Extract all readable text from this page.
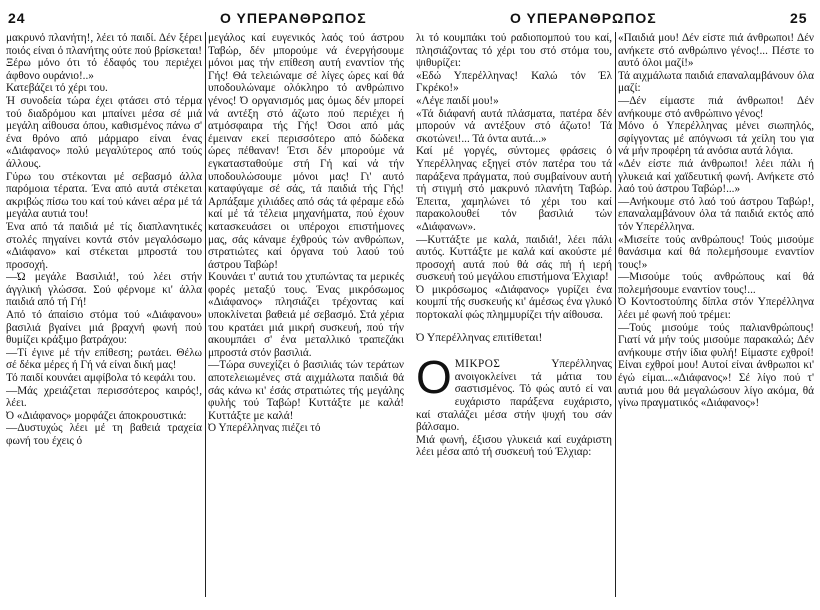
24	Ο ΥΠΕΡΑΝΘΡΩΠΟΣ	Ο ΥΠΕΡΑΝΘΡΩΠΟΣ	25

μακρυνό πλανήτη!, λέει τό παιδί. Δέν ξέρει ποιός είναι ό πλανήτης ούτε πού βρίσκεται! Ξέρω μόνο ότι τό έδαφός του περιέχει άφθονο ουράνιο!..»

Κατεβάζει τό χέρι του.

Ή συνοδεία τώρα έχει φτάσει στό τέρμα τού διαδρόμου και μπαίνει μέσα σέ μιά μεγάλη αίθουσα όπου, καθισμένος πάνω σ' ένα θρόνο από μάρμαρο είναι ένας «Διάφανος» πολύ μεγαλύτερος από τούς άλλους.

Γύρω του στέκονται μέ σεβασμό άλλα παρόμοια τέρατα. Ένα από αυτά στέκεται ακριβώς πίσω του καί τού κάνει αέρα μέ τά μεγάλα αυτιά του!

Ένα από τά παιδιά μέ τίς διαπλανητικές στολές πηγαίνει κοντά στόν μεγαλόσωμο «Διάφανο» καί στέκεται μπροστά του προσοχή.

—Ώ μεγάλε Βασιλιά!, τού λέει στήν άγγλική γλώσσα. Σού φέρνομε κι' άλλα παιδιά από τή Γή!

Από τό άπαίσιο στόμα τού «Διάφανου» βασιλιά βγαίνει μιά βραχνή φωνή πού θυμίζει κράξιμο βατράχου:

—Τί έγινε μέ τήν επίθεση; ρωτάει. Θέλω σέ δέκα μέρες ή Γή νά είναι δική μας!

Τό παιδί κουνάει αμφίβολα τό κεφάλι του.

—Μάς χρειάζεται περισσότερος καιρός!, λέει.

Ό «Διάφανος» μορφάζει άποκρουστικά:

—Δυστυχώς λέει μέ τη βαθειά τραχεία φωνή του έχεις ό

μεγάλος καί ευγενικός λαός τού άστρου Ταβώρ, δέν μπορούμε νά ένεργήσουμε μόνοι μας τήν επίθεση αυτή εναντίον τής Γής! Θά τελειώναμε σέ λίγες ώρες καί θά υποδουλώναμε ολόκληρο τό ανθρώπινο γένος! Ό οργανισμός μας όμως δέν μπορεί νά αντέξη στό άζωτο πού περιέχει ή ατμόσφαιρα τής Γής! Όσοι από μάς έμειναν εκεί περισσότερο από δώδεκα ώρες πέθαναν! Έτσι δέν μπορούμε νά εγκατασταθούμε στή Γή καί νά τήν υποδουλώσουμε μόνοι μας! Γι' αυτό καταφύγαμε σέ σάς, τά παιδιά τής Γής! Αρπάξαμε χιλιάδες από σάς τά φέραμε εδώ καί μέ τά τέλεια μηχανήματα, πού έχουν κατασκευάσει οι υπέροχοι επιστήμονες μας, σάς κάναμε έχθρούς τών ανθρώπων, στρατιώτες καί όργανα τού λαού τού άστρου Ταβώρ!

Κουνάει τ' αυτιά του χτυπώντας τα μερικές φορές μεταξύ τους. Ένας μικρόσωμος «Διάφανος» πλησιάζει τρέχοντας καί υποκλίνεται βαθειά μέ σεβασμό. Στά χέρια του κρατάει μιά μικρή συσκευή, πού τήν ακουμπάει σ' ένα μεταλλικό τραπεζάκι μπροστά στόν βασιλιά.

—Τώρα συνεχίζει ό βασιλιάς τών τεράτων αποτελειωμένες στά αιχμάλωτα παιδιά θά σάς κάνω κι' έσάς στρατιώτες τής μεγάλης φυλής τού Ταβώρ! Κυττάξτε με καλά! Κυττάξτε με καλά!

Ό Υπερέλληνας πιέζει τό

λι τό κουμπάκι τού ραδιοπομπού του καί, πλησιάζοντας τό χέρι του στό στόμα του, ψιθυρίζει:

«Εδώ Υπερέλληνας! Καλώ τόν Έλ Γκρέκο!»

«Λέγε παιδί μου!»

«Τά διάφανή αυτά πλάσματα, πατέρα δέν μπορούν νά αντέξουν στό άζωτο! Τά σκοτώνει!... Τά όντα αυτά...»

Καί μέ γοργές, σύντομες φράσεις ό Υπερέλληνας εξηγεί στόν πατέρα του τά παράξενα πράγματα, πού συμβαίνουν αυτή τή στιγμή στό μακρυνό πλανήτη Ταβώρ. Έπειτα, χαμηλώνει τό χέρι του καί παρακολουθεί τόν βασιλιά τών «Διάφανων».

—Κυττάξτε με καλά, παιδιά!, λέει πάλι αυτός. Κυττάξτε με καλά καί ακούστε μέ προσοχή αυτά πού θά σάς πή ή ιερή συσκευή τού μεγάλου επιστήμονα Έλχιαρ!

Ό μικρόσωμος «Διάφανος» γυρίζει ένα κουμπί τής συσκευής κι' άμέσως ένα γλυκό πορτοκαλί φώς πλημμυρίζει τήν αίθουσα.

Ό Υπερέλληνας επιτίθεται!

Ο ΜΙΚΡΟΣ	Υπερέλληνας ανοιγοκλείνει τά μάτια του σαστισμένος. Τό φώς αυτό εί ναι ευχάριστο παράξενα ευχάριστο, καί σταλάζει μέσα στήν ψυχή του σάν βάλσαμο.

Μιά φωνή, έξισου γλυκειά καί ευχάριστη λέει μέσα από τή συσκευή τού Έλχιαρ:

«Παιδιά μου! Δέν είστε πιά άνθρωποι! Δέν ανήκετε στό ανθρώπινο γένος!... Πέστε το αυτό όλοι μαζί!»

Τά αιχμάλωτα παιδιά επαναλαμβάνουν όλα μαζί:

—Δέν είμαστε πιά άνθρωποι! Δέν ανήκουμε στό ανθρώπινο γένος!

Μόνο ό Υπερέλληνας μένει σιωπηλός, σφίγγοντας μέ απόγνωσι τά χείλη του για νά μήν προφέρη τά ανόσια αυτά λόγια.

«Δέν είστε πιά άνθρωποι! λέει πάλι ή γλυκειά καί χαϊδευτική φωνή. Ανήκετε στό λαό τού άστρου Ταβώρ!...»

—Ανήκουμε στό λαό τού άστρου Ταβώρ!, επαναλαμβάνουν όλα τά παιδιά εκτός από τόν Υπερέλληνα.

«Μισείτε τούς ανθρώπους! Τούς μισούμε θανάσιμα καί θά πολεμήσουμε εναντίον τους!»

—Μισούμε τούς ανθρώπους καί θά πολεμήσουμε εναντίον τους!...

Ό Κοντοστούπης δίπλα στόν Υπερέλληνα λέει μέ φωνή πού τρέμει:

—Τούς μισούμε τούς παλιανθρώπους! Γιατί νά μήν τούς μισούμε παρακαλώ; Δέν ανήκουμε στήν ίδια φυλή! Είμαστε εχθροί! Είναι εχθροί μου! Αυτοί είναι άνθρωποι κι' έγώ είμαι...«Διάφανος»! Σέ λίγο πού τ' αυτιά μου θά μεγαλώσουν λίγο ακόμα, θά γίνω πραγματικός «Διάφανος»!
